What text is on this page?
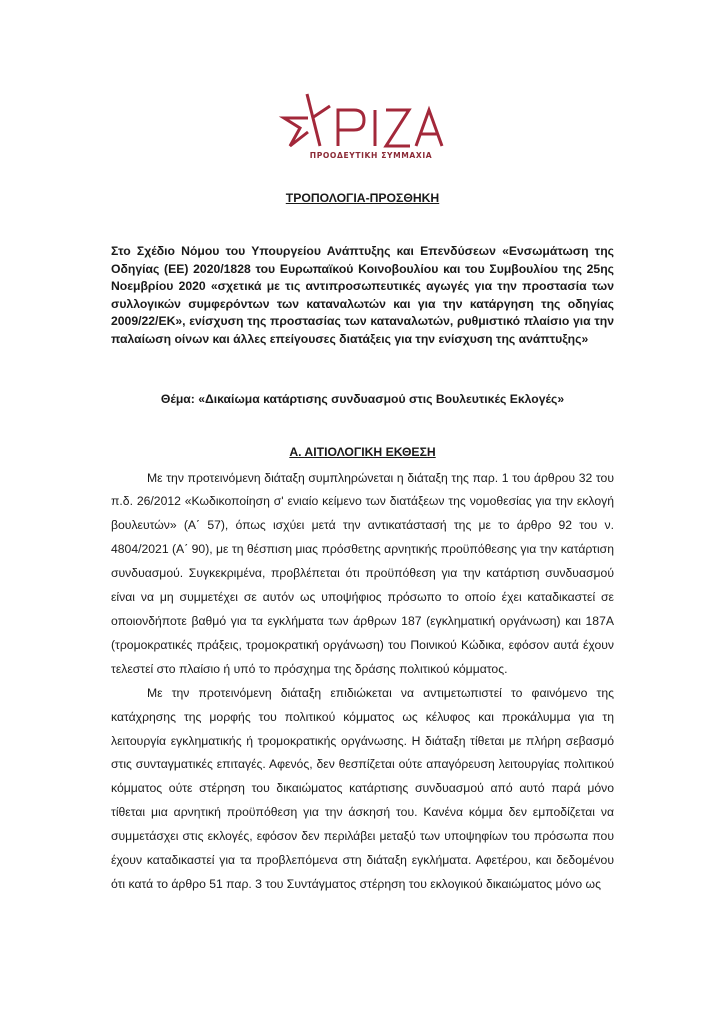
ΠΡΟΟΔΕΥΤΙΚΗ ΣΥΜΜΑΧΙΑ
ΤΡΟΠΟΛΟΓΙΑ-ΠΡΟΣΘΗΚΗ

Στο Σχέδιο Νόμου του Υπουργείου Ανάπτυξης και Επενδύσεων «Ενσωμάτωση της Οδηγίας (ΕΕ) 2020/1828 του Ευρωπαϊκού Κοινοβουλίου και του Συμβουλίου της 25ης Νοεμβρίου 2020 «σχετικά με τις αντιπροσωπευτικές αγωγές για την προστασία των συλλογικών συμφερόντων των καταναλωτών και για την κατάργηση της οδηγίας 2009/22/ΕΚ», ενίσχυση της προστασίας των καταναλωτών, ρυθμιστικό πλαίσιο για την παλαίωση οίνων και άλλες επείγουσες διατάξεις για την ενίσχυση της ανάπτυξης»

Θέμα: «Δικαίωμα κατάρτισης συνδυασμού στις Βουλευτικές Εκλογές»

Α. ΑΙΤΙΟΛΟΓΙΚΗ ΕΚΘΕΣΗ

Με την προτεινόμενη διάταξη συμπληρώνεται η διάταξη της παρ. 1 του άρθρου 32 του π.δ. 26/2012 «Κωδικοποίηση σ' ενιαίο κείμενο των διατάξεων της νομοθεσίας για την εκλογή βουλευτών» (Α΄ 57), όπως ισχύει μετά την αντικατάστασή της με το άρθρο 92 του ν. 4804/2021 (Α΄ 90), με τη θέσπιση μιας πρόσθετης αρνητικής προϋπόθεσης για την κατάρτιση συνδυασμού. Συγκεκριμένα, προβλέπεται ότι προϋπόθεση για την κατάρτιση συνδυασμού είναι να μη συμμετέχει σε αυτόν ως υποψήφιος πρόσωπο το οποίο έχει καταδικαστεί σε οποιονδήποτε βαθμό για τα εγκλήματα των άρθρων 187 (εγκληματική οργάνωση) και 187Α (τρομοκρατικές πράξεις, τρομοκρατική οργάνωση) του Ποινικού Κώδικα, εφόσον αυτά έχουν τελεστεί στο πλαίσιο ή υπό το πρόσχημα της δράσης πολιτικού κόμματος.

Με την προτεινόμενη διάταξη επιδιώκεται να αντιμετωπιστεί το φαινόμενο της κατάχρησης της μορφής του πολιτικού κόμματος ως κέλυφος και προκάλυμμα για τη λειτουργία εγκληματικής ή τρομοκρατικής οργάνωσης. Η διάταξη τίθεται με πλήρη σεβασμό στις συνταγματικές επιταγές. Αφενός, δεν θεσπίζεται ούτε απαγόρευση λειτουργίας πολιτικού κόμματος ούτε στέρηση του δικαιώματος κατάρτισης συνδυασμού από αυτό παρά μόνο τίθεται μια αρνητική προϋπόθεση για την άσκησή του. Κανένα κόμμα δεν εμποδίζεται να συμμετάσχει στις εκλογές, εφόσον δεν περιλάβει μεταξύ των υποψηφίων του πρόσωπα που έχουν καταδικαστεί για τα προβλεπόμενα στη διάταξη εγκλήματα. Αφετέρου, και δεδομένου ότι κατά το άρθρο 51 παρ. 3 του Συντάγματος στέρηση του εκλογικού δικαιώματος μόνο ως
